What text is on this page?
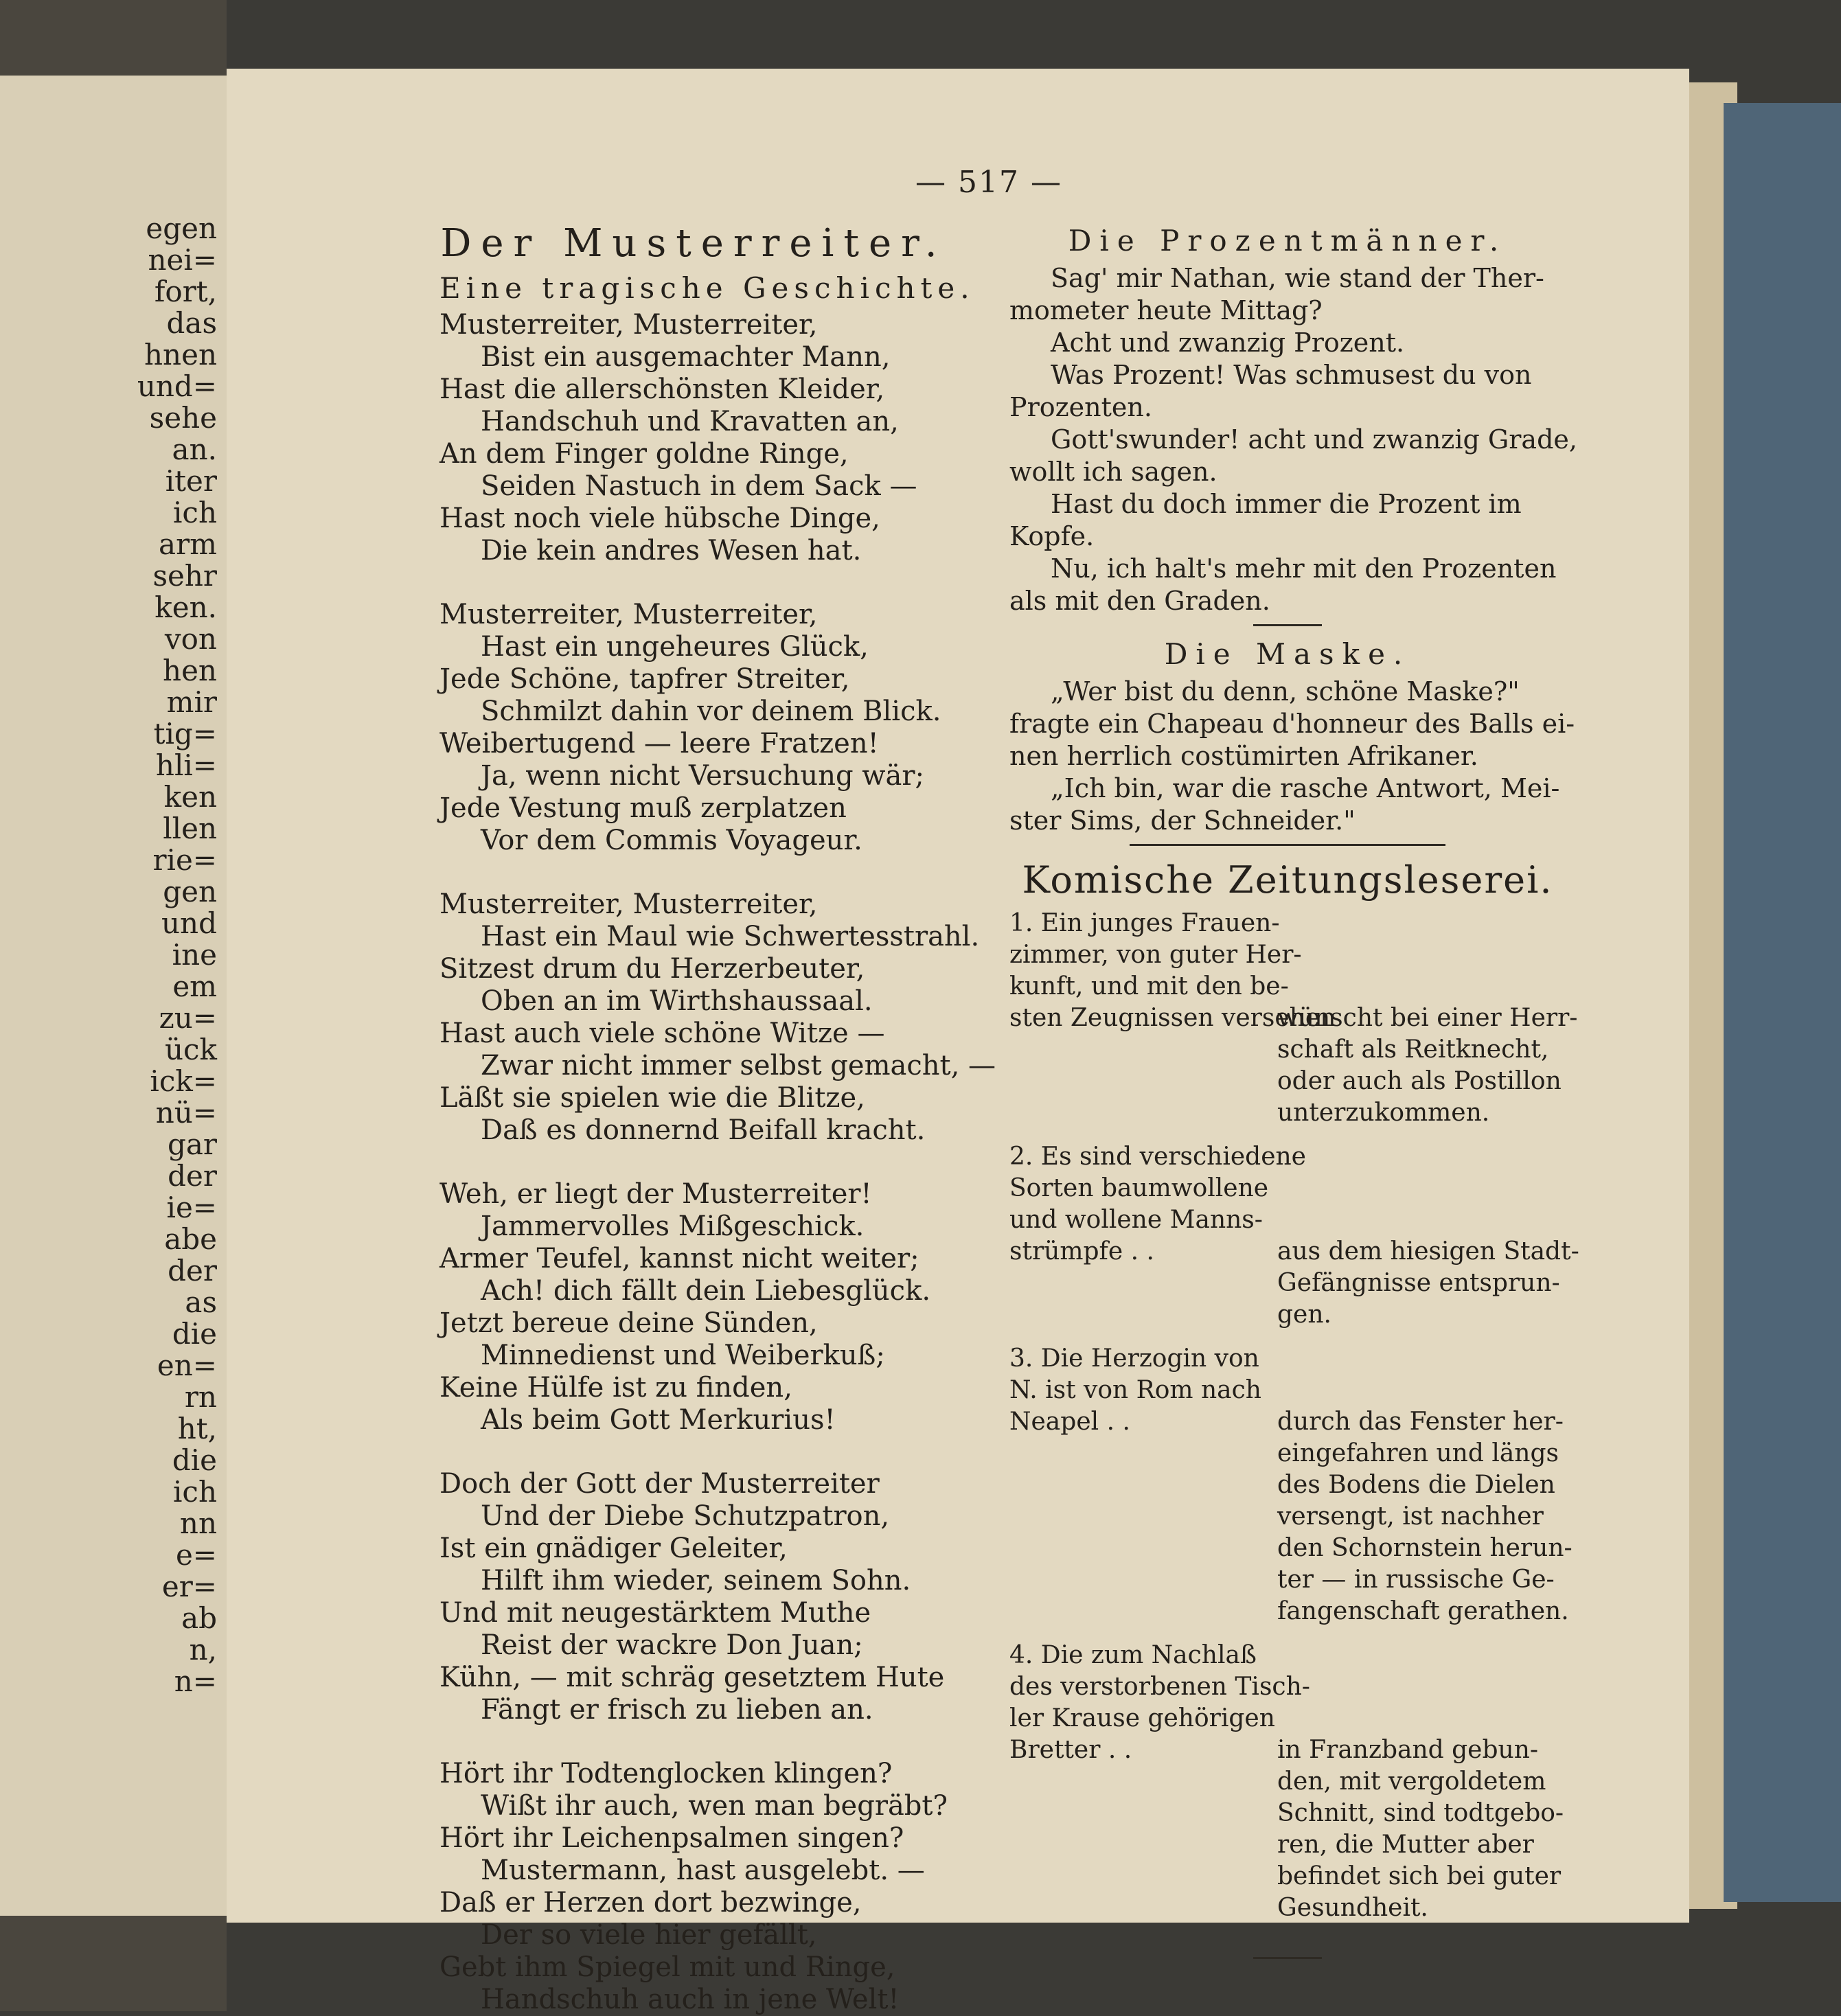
egen
nei=
fort,
das
hnen
und=
sehe
an.
iter
ich
arm
sehr
ken.
von
hen
mir
tig=
hli=
ken
llen
rie=
gen
und
ine
em
zu=
ück
ick=
nü=
gar
der
ie=
abe
der
as
die
en=
rn
ht,
die
ich
nn
e=
er=
ab
n,
n=
— 517 —
Der Musterreiter.
Eine tragische Geschichte.
Musterreiter, Musterreiter,
Bist ein ausgemachter Mann,
Hast die allerschönsten Kleider,
Handschuh und Kravatten an,
An dem Finger goldne Ringe,
Seiden Nastuch in dem Sack —
Hast noch viele hübsche Dinge,
Die kein andres Wesen hat.
Musterreiter, Musterreiter,
Hast ein ungeheures Glück,
Jede Schöne, tapfrer Streiter,
Schmilzt dahin vor deinem Blick.
Weibertugend — leere Fratzen!
Ja, wenn nicht Versuchung wär;
Jede Vestung muß zerplatzen
Vor dem Commis Voyageur.
Musterreiter, Musterreiter,
Hast ein Maul wie Schwertesstrahl.
Sitzest drum du Herzerbeuter,
Oben an im Wirthshaussaal.
Hast auch viele schöne Witze —
Zwar nicht immer selbst gemacht, —
Läßt sie spielen wie die Blitze,
Daß es donnernd Beifall kracht.
Weh, er liegt der Musterreiter!
Jammervolles Mißgeschick.
Armer Teufel, kannst nicht weiter;
Ach! dich fällt dein Liebesglück.
Jetzt bereue deine Sünden,
Minnedienst und Weiberkuß;
Keine Hülfe ist zu finden,
Als beim Gott Merkurius!
Doch der Gott der Musterreiter
Und der Diebe Schutzpatron,
Ist ein gnädiger Geleiter,
Hilft ihm wieder, seinem Sohn.
Und mit neugestärktem Muthe
Reist der wackre Don Juan;
Kühn, — mit schräg gesetztem Hute
Fängt er frisch zu lieben an.
Hört ihr Todtenglocken klingen?
Wißt ihr auch, wen man begräbt?
Hört ihr Leichenpsalmen singen?
Mustermann, hast ausgelebt. —
Daß er Herzen dort bezwinge,
Der so viele hier gefällt,
Gebt ihm Spiegel mit und Ringe,
Handschuh auch in jene Welt!
Die Prozentmänner.
Sag' mir Nathan, wie stand der Ther-
mometer heute Mittag?
Acht und zwanzig Prozent.
Was Prozent! Was schmusest du von
Prozenten.
Gott'swunder! acht und zwanzig Grade,
wollt ich sagen.
Hast du doch immer die Prozent im
Kopfe.
Nu, ich halt's mehr mit den Prozenten
als mit den Graden.
Die Maske.
„Wer bist du denn, schöne Maske?"
fragte ein Chapeau d'honneur des Balls ei-
nen herrlich costümirten Afrikaner.
„Ich bin, war die rasche Antwort, Mei-
ster Sims, der Schneider."
Komische Zeitungsleserei.
1. Ein junges Frauen-
zimmer, von guter Her-
kunft, und mit den be-
sten Zeugnissen versehen

wünscht bei einer Herr-
schaft als Reitknecht,
oder auch als Postillon
unterzukommen.
2. Es sind verschiedene
Sorten baumwollene
und wollene Manns-
strümpfe . .

	aus dem hiesigen Stadt-
Gefängnisse entsprun-
gen.
3. Die Herzogin von
N. ist von Rom nach
Neapel . .

	durch das Fenster her-
eingefahren und längs
des Bodens die Dielen
versengt, ist nachher
den Schornstein herun-
ter — in russische Ge-
fangenschaft gerathen.
4. Die zum Nachlaß
des verstorbenen Tisch-
ler Krause gehörigen
Bretter . .

	in Franzband gebun-
den, mit vergoldetem
Schnitt, sind todtgebo-
ren, die Mutter aber
befindet sich bei guter
Gesundheit.
